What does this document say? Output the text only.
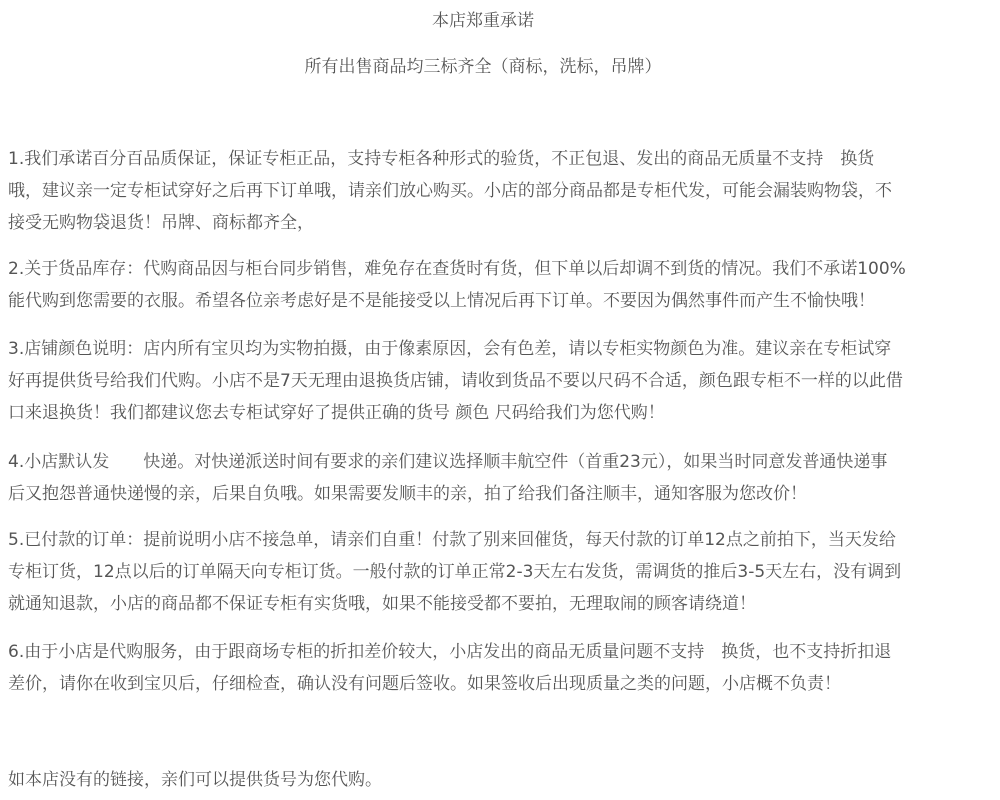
本店郑重承诺
所有出售商品均三标齐全（商标，洗标，吊牌）
1.我们承诺百分百品质保证，保证专柜正品，支持专柜各种形式的验货，不正包退、发出的商品无质量不支持　换货
哦，建议亲一定专柜试穿好之后再下订单哦，请亲们放心购买。小店的部分商品都是专柜代发，可能会漏装购物袋，不
接受无购物袋退货！吊牌、商标都齐全，
2.关于货品库存：代购商品因与柜台同步销售，难免存在查货时有货，但下单以后却调不到货的情况。我们不承诺100%
能代购到您需要的衣服。希望各位亲考虑好是不是能接受以上情况后再下订单。不要因为偶然事件而产生不愉快哦！
3.店铺颜色说明：店内所有宝贝均为实物拍摄，由于像素原因，会有色差，请以专柜实物颜色为准。建议亲在专柜试穿
好再提供货号给我们代购。小店不是7天无理由退换货店铺，请收到货品不要以尺码不合适，颜色跟专柜不一样的以此借
口来退换货！我们都建议您去专柜试穿好了提供正确的货号 颜色 尺码给我们为您代购！
4.小店默认发　　快递。对快递派送时间有要求的亲们建议选择顺丰航空件（首重23元），如果当时同意发普通快递事
后又抱怨普通快递慢的亲，后果自负哦。如果需要发顺丰的亲，拍了给我们备注顺丰，通知客服为您改价！
5.已付款的订单：提前说明小店不接急单，请亲们自重！付款了别来回催货，每天付款的订单12点之前拍下，当天发给
专柜订货，12点以后的订单隔天向专柜订货。一般付款的订单正常2-3天左右发货，需调货的推后3-5天左右，没有调到
就通知退款，小店的商品都不保证专柜有实货哦，如果不能接受都不要拍，无理取闹的顾客请绕道！
6.由于小店是代购服务，由于跟商场专柜的折扣差价较大，小店发出的商品无质量问题不支持　换货，也不支持折扣退
差价，请你在收到宝贝后，仔细检查，确认没有问题后签收。如果签收后出现质量之类的问题，小店概不负责！
如本店没有的链接，亲们可以提供货号为您代购。
